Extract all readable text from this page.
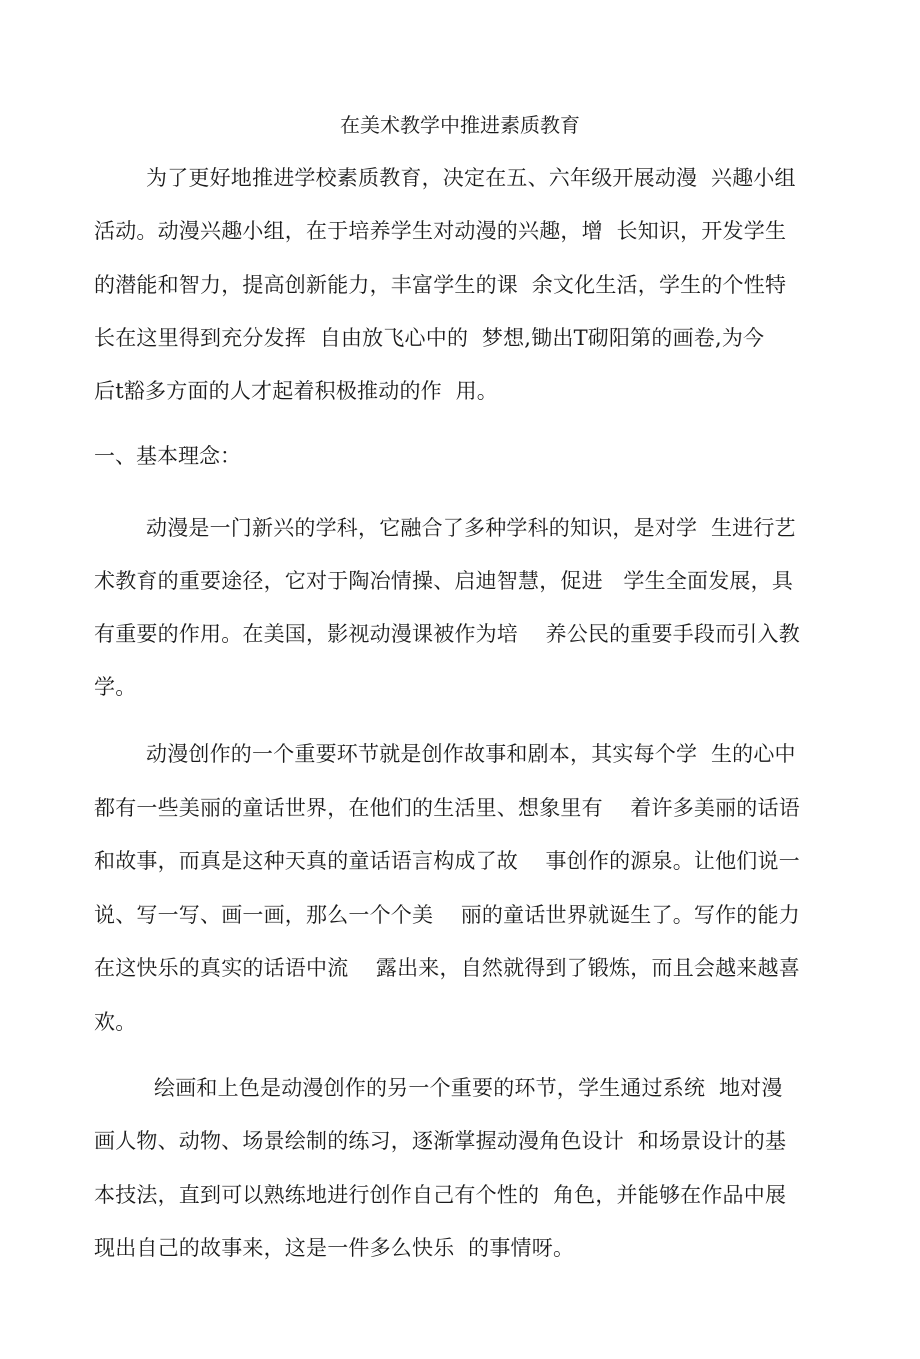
在美术教学中推进素质教育
为了更好地推进学校素质教育，决定在五、六年级开展动漫  兴趣小组
活动。动漫兴趣小组，在于培养学生对动漫的兴趣，增  长知识，开发学生
的潜能和智力，提高创新能力，丰富学生的课  余文化生活，学生的个性特
长在这里得到充分发挥  自由放飞心中的  梦想,锄出T砌阳第的画卷,为今
后t豁多方面的人才起着积极推动的作  用。
一、基本理念：
动漫是一门新兴的学科，它融合了多种学科的知识，是对学  生进行艺
术教育的重要途径，它对于陶冶情操、启迪智慧，促进   学生全面发展，具
有重要的作用。在美国，影视动漫课被作为培    养公民的重要手段而引入教
学。
动漫创作的一个重要环节就是创作故事和剧本，其实每个学  生的心中
都有一些美丽的童话世界，在他们的生活里、想象里有    着许多美丽的话语
和故事，而真是这种天真的童话语言构成了故    事创作的源泉。让他们说一
说、写一写、画一画，那么一个个美    丽的童话世界就诞生了。写作的能力
在这快乐的真实的话语中流    露出来，自然就得到了锻炼，而且会越来越喜
欢。
绘画和上色是动漫创作的另一个重要的环节，学生通过系统  地对漫
画人物、动物、场景绘制的练习，逐渐掌握动漫角色设计  和场景设计的基
本技法，直到可以熟练地进行创作自己有个性的  角色，并能够在作品中展
现出自己的故事来，这是一件多么快乐  的事情呀。
